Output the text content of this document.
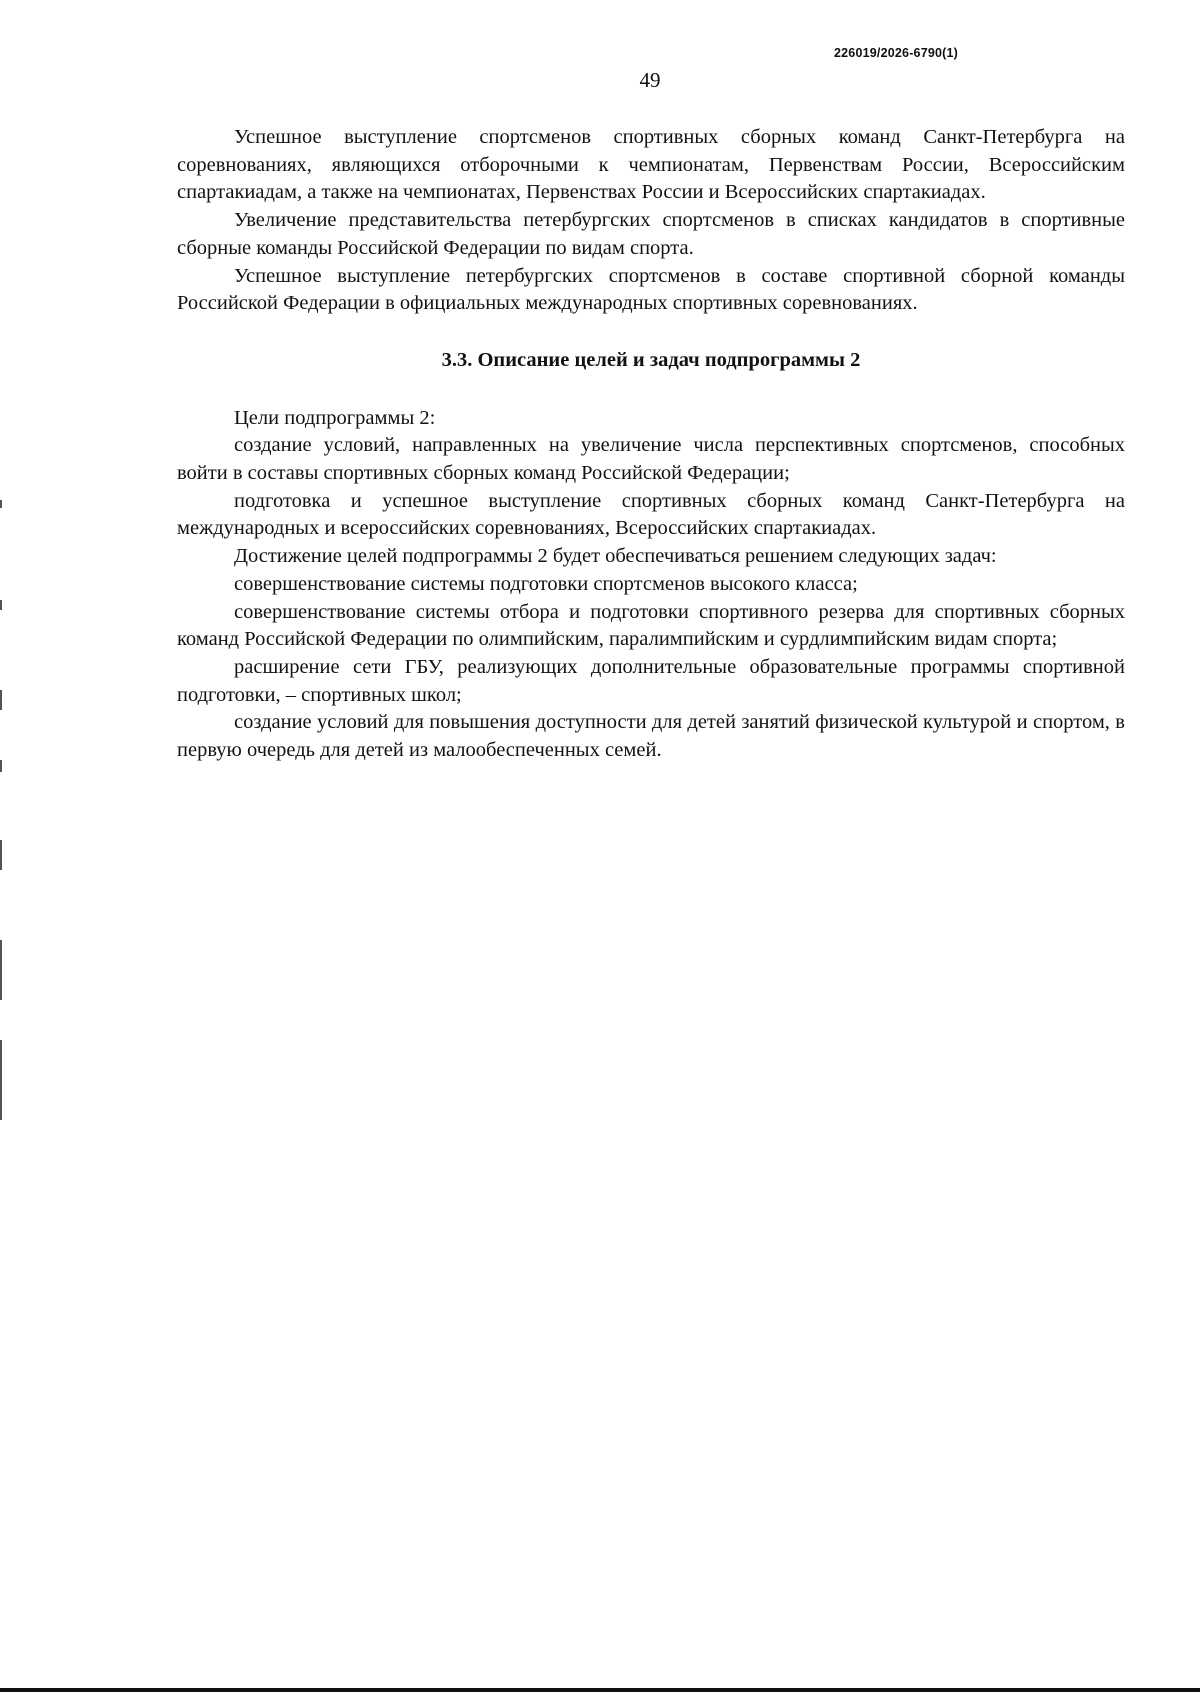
226019/2026-6790(1)
49

Успешное выступление спортсменов спортивных сборных команд Санкт-Петербурга на соревнованиях, являющихся отборочными к чемпионатам, Первенствам России, Всероссийским спартакиадам, а также на чемпионатах, Первенствах России и Всероссийских спартакиадах.

Увеличение представительства петербургских спортсменов в списках кандидатов в спортивные сборные команды Российской Федерации по видам спорта.

Успешное выступление петербургских спортсменов в составе спортивной сборной команды Российской Федерации в официальных международных спортивных соревнованиях.

3.3. Описание целей и задач подпрограммы 2

Цели подпрограммы 2:

создание условий, направленных на увеличение числа перспективных спортсменов, способных войти в составы спортивных сборных команд Российской Федерации;

подготовка и успешное выступление спортивных сборных команд Санкт-Петербурга на международных и всероссийских соревнованиях, Всероссийских спартакиадах.

Достижение целей подпрограммы 2 будет обеспечиваться решением следующих задач:

совершенствование системы подготовки спортсменов высокого класса;

совершенствование системы отбора и подготовки спортивного резерва для спортивных сборных команд Российской Федерации по олимпийским, паралимпийским и сурдлимпийским видам спорта;

расширение сети ГБУ, реализующих дополнительные образовательные программы спортивной подготовки, – спортивных школ;

создание условий для повышения доступности для детей занятий физической культурой и спортом, в первую очередь для детей из малообеспеченных семей.
